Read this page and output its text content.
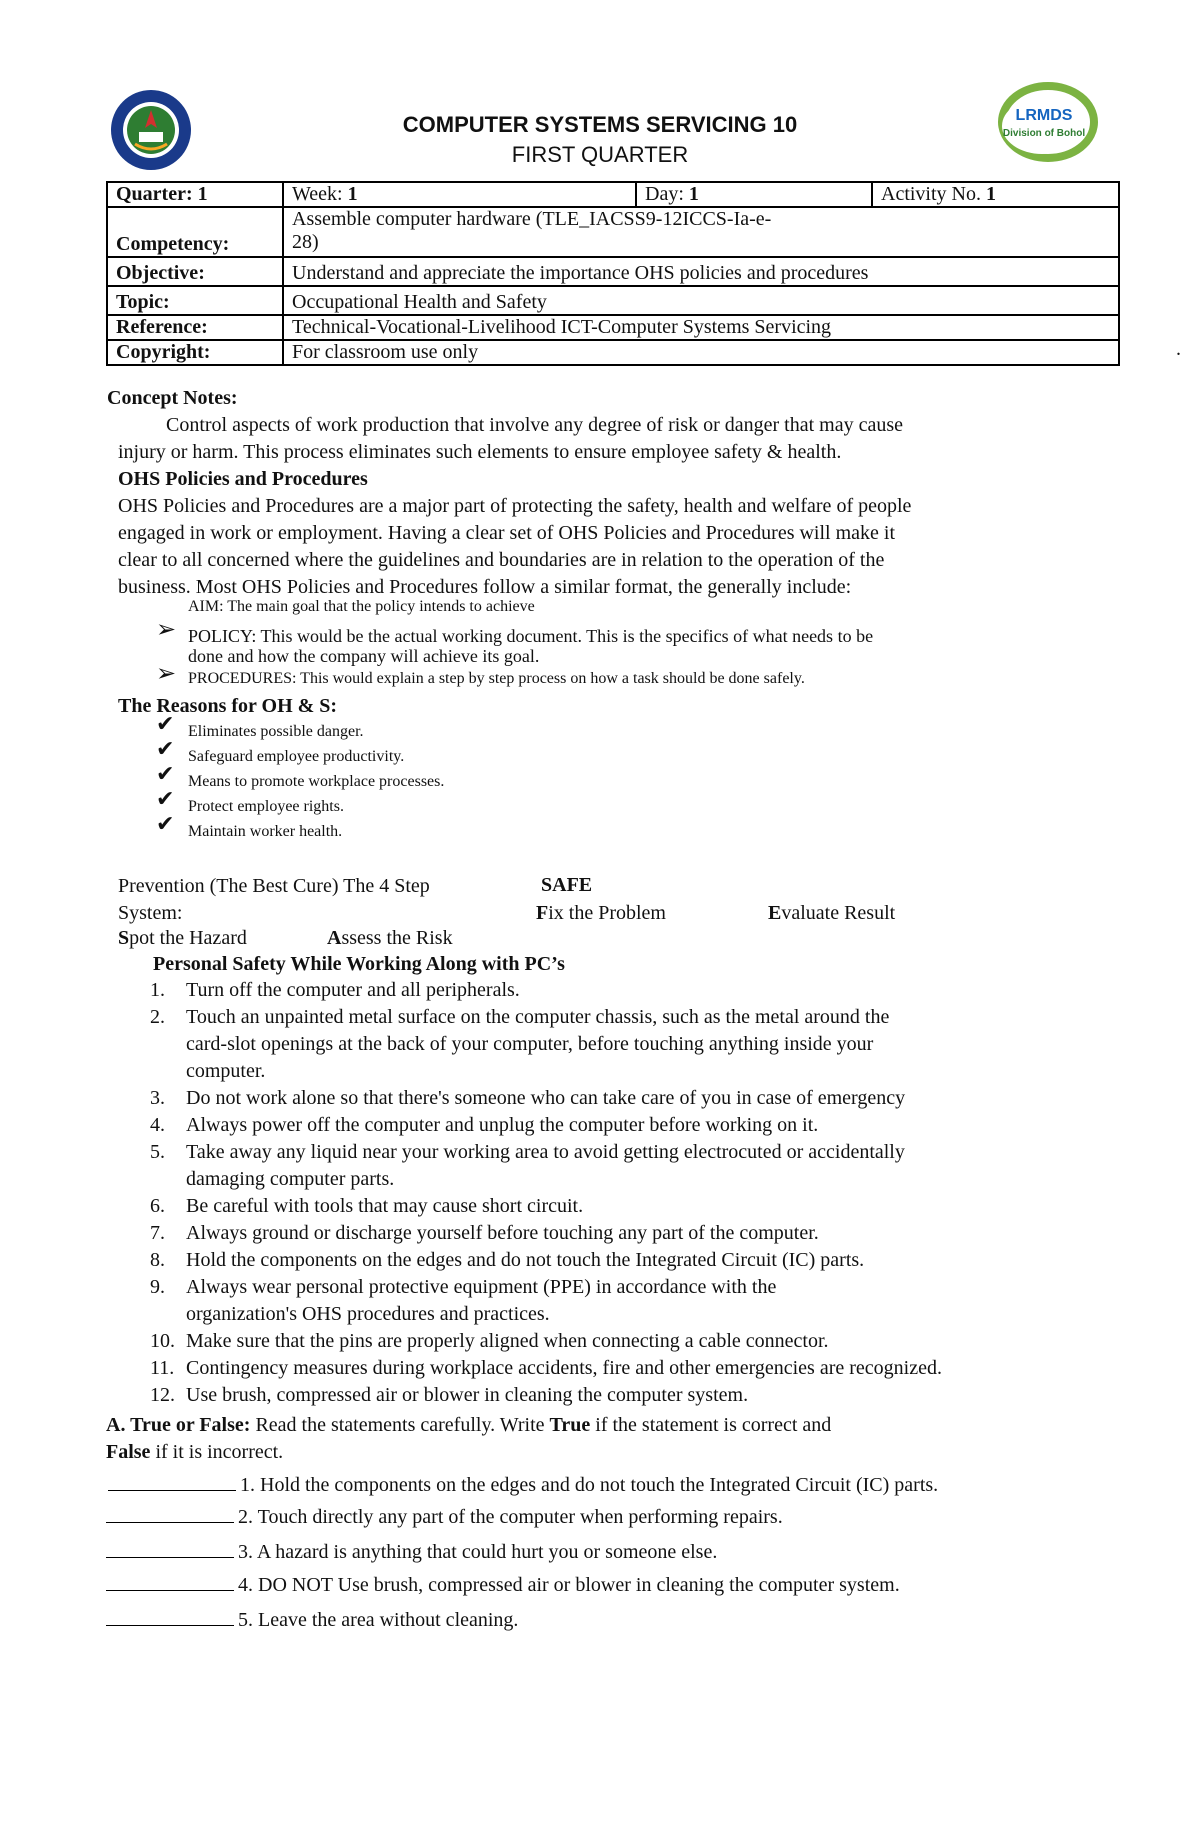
LRMDS
Division of Bohol
COMPUTER SYSTEMS SERVICING 10
FIRST QUARTER
Quarter: 1	Week: 1	Day: 1	Activity No. 1
Competency:	Assemble computer hardware (TLE_IACSS9-12ICCS-Ia-e-
28)		

Objective:	Understand and appreciate the importance OHS policies and procedures		
Topic:	Occupational Health and Safety		
Reference:	Technical-Vocational-Livelihood ICT-Computer Systems Servicing		
Copyright:	For classroom use only			.
Concept Notes:
Control aspects of work production that involve any degree of risk or danger that may cause
injury or harm. This process eliminates such elements to ensure employee safety & health.
OHS Policies and Procedures
OHS Policies and Procedures are a major part of protecting the safety, health and welfare of people
engaged in work or employment. Having a clear set of OHS Policies and Procedures will make it
clear to all concerned where the guidelines and boundaries are in relation to the operation of the
business. Most OHS Policies and Procedures follow a similar format, the generally include:
AIM: The main goal that the policy intends to achieve
➢ POLICY: This would be the actual working document. This is the specifics of what needs to be
done and how the company will achieve its goal.
➢ PROCEDURES: This would explain a step by step process on how a task should be done safely.
The Reasons for OH & S:
✔ Eliminates possible danger.
✔ Safeguard employee productivity.
✔ Means to promote workplace processes.
✔ Protect employee rights.
✔ Maintain worker health.
Prevention (The Best Cure) The 4 Step
System:
SAFE
Fix the Problem	Evaluate Result
Spot the Hazard	Assess the Risk
Personal Safety While Working Along with PC’s
1. Turn off the computer and all peripherals.
2. Touch an unpainted metal surface on the computer chassis, such as the metal around the
card-slot openings at the back of your computer, before touching anything inside your
computer.
3. Do not work alone so that there's someone who can take care of you in case of emergency
4. Always power off the computer and unplug the computer before working on it.
5. Take away any liquid near your working area to avoid getting electrocuted or accidentally
damaging computer parts.
6. Be careful with tools that may cause short circuit.
7. Always ground or discharge yourself before touching any part of the computer.
8. Hold the components on the edges and do not touch the Integrated Circuit (IC) parts.
9. Always wear personal protective equipment (PPE) in accordance with the
organization's OHS procedures and practices.
10. Make sure that the pins are properly aligned when connecting a cable connector.
11. Contingency measures during workplace accidents, fire and other emergencies are recognized.
12. Use brush, compressed air or blower in cleaning the computer system.
A. True or False: Read the statements carefully. Write True if the statement is correct and
False if it is incorrect.
1. Hold the components on the edges and do not touch the Integrated Circuit (IC) parts.
2. Touch directly any part of the computer when performing repairs.
3. A hazard is anything that could hurt you or someone else.
4. DO NOT Use brush, compressed air or blower in cleaning the computer system.
5. Leave the area without cleaning.
